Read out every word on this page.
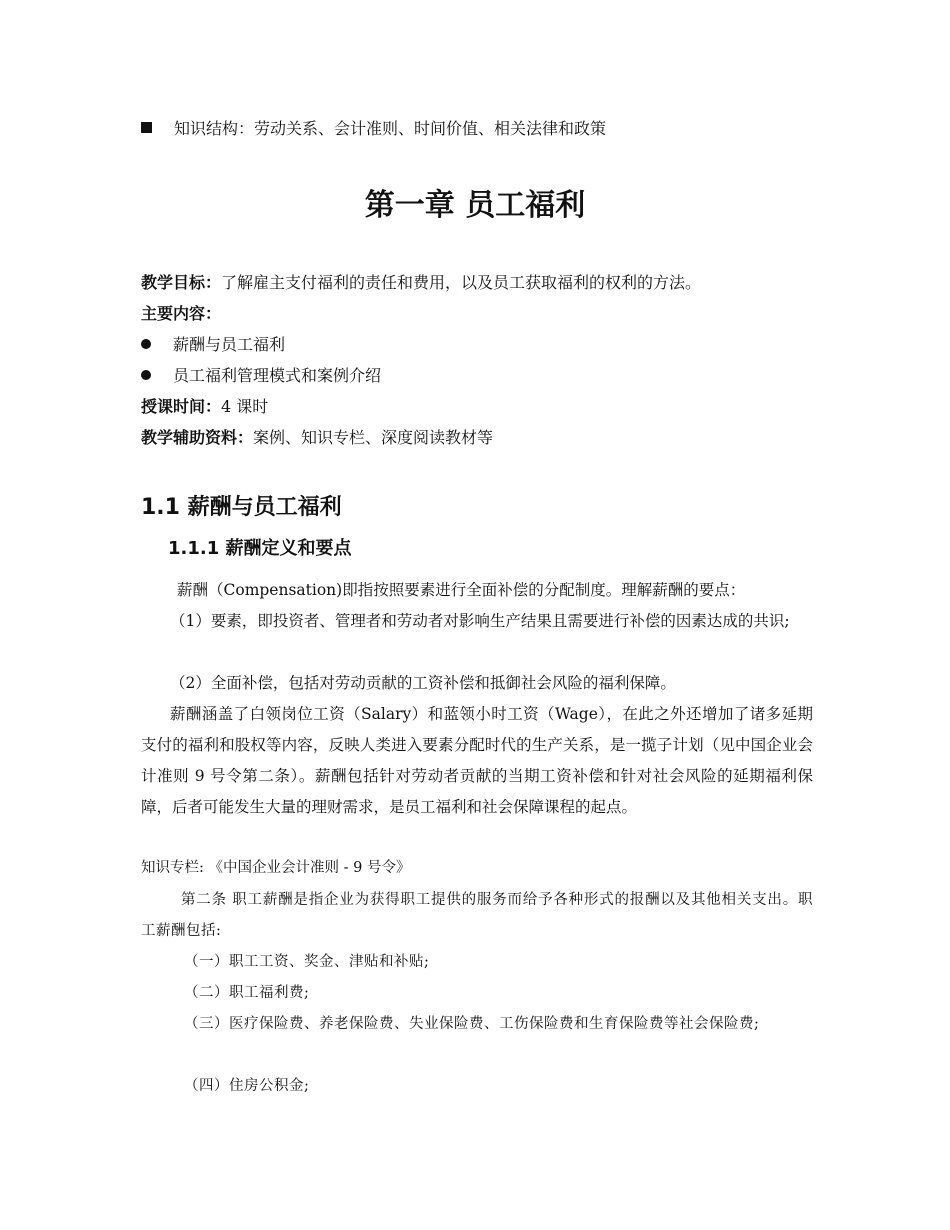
知识结构：劳动关系、会计准则、时间价值、相关法律和政策
第一章 员工福利
教学目标：了解雇主支付福利的责任和费用，以及员工获取福利的权利的方法。
主要内容：
薪酬与员工福利
员工福利管理模式和案例介绍
授课时间：4 课时
教学辅助资料：案例、知识专栏、深度阅读教材等
1.1 薪酬与员工福利
1.1.1 薪酬定义和要点
薪酬（Compensation)即指按照要素进行全面补偿的分配制度。理解薪酬的要点：
（1）要素，即投资者、管理者和劳动者对影响生产结果且需要进行补偿的因素达成的共识;
（2）全面补偿，包括对劳动贡献的工资补偿和抵御社会风险的福利保障。
薪酬涵盖了白领岗位工资（Salary）和蓝领小时工资（Wage），在此之外还增加了诸多延期支付的福利和股权等内容，反映人类进入要素分配时代的生产关系，是一揽子计划（见中国企业会计准则 9 号令第二条）。薪酬包括针对劳动者贡献的当期工资补偿和针对社会风险的延期福利保障，后者可能发生大量的理财需求，是员工福利和社会保障课程的起点。
知识专栏: 《中国企业会计准则 - 9 号令》
第二条 职工薪酬是指企业为获得职工提供的服务而给予各种形式的报酬以及其他相关支出。职工薪酬包括:
（一）职工工资、奖金、津贴和补贴;
（二）职工福利费;
（三）医疗保险费、养老保险费、失业保险费、工伤保险费和生育保险费等社会保险费;
（四）住房公积金;
